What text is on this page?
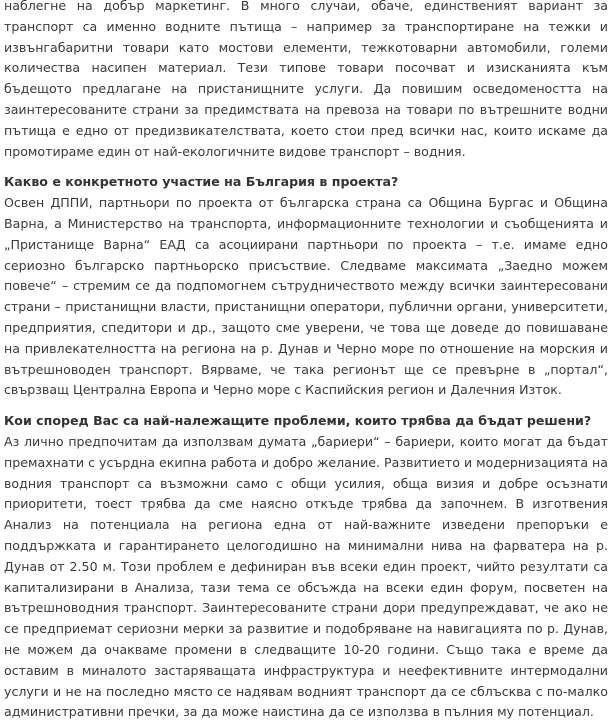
наблегне на добър маркетинг. В много случаи, обаче, единственият вариант за транспорт са именно водните пътища – например за транспортиране на тежки и извънгабаритни товари като мостови елементи, тежкотоварни автомобили, големи количества насипен материал. Тези типове товари посочват и изисканията към бъдещото предлагане на пристанищните услуги. Да повишим осведомеността на заинтересованите страни за предимствата на превоза на товари по вътрешните водни пътища е едно от предизвикателствата, което стои пред всички нас, които искаме да промотираме един от най-екологичните видове транспорт – водния.

Какво е конкретното участие на България в проекта?

Освен ДППИ, партньори по проекта от българска страна са Община Бургас и Община Варна, а Министерство на транспорта, информационните технологии и съобщенията и „Пристанище Варна“ ЕАД са асоциирани партньори по проекта – т.е. имаме едно сериозно българско партньорско присъствие. Следваме максимата „Заедно можем повече“ – стремим се да подпомогнем сътрудничеството между всички заинтересовани страни – пристанищни власти, пристанищни оператори, публични органи, университети, предприятия, спедитори и др., защото сме уверени, че това ще доведе до повишаване на привлекателността на региона на р. Дунав и Черно море по отношение на морския и вътрешноводен транспорт. Вярваме, че така регионът ще се превърне в „портал“, свързващ Централна Европа и Черно море с Каспийския регион и Далечния Изток.

Кои според Вас са най-належащите проблеми, които трябва да бъдат решени?

Аз лично предпочитам да използвам думата „бариери“ – бариери, които могат да бъдат премахнати с усърдна екипна работа и добро желание. Развитието и модернизацията на водния транспорт са възможни само с общи усилия, обща визия и добре осъзнати приоритети, тоест трябва да сме наясно откъде трябва да започнем. В изготвения Анализ на потенциала на региона една от най-важните изведени препоръки е поддържката и гарантирането целогодишно на минимални нива на фарватера на р. Дунав от 2.50 м. Този проблем е дефиниран във всеки един проект, чийто резултати са капитализирани в Анализа, тази тема се обсъжда на всеки един форум, посветен на вътрешноводния транспорт. Заинтересованите страни дори предупреждават, че ако не се предприемат сериозни мерки за развитие и подобряване на навигацията по р. Дунав, не можем да очакваме промени в следващите 10-20 години. Също така е време да оставим в миналото застаряващата инфраструктура и неефективните интермодални услуги и не на последно място се надявам водният транспорт да се сблъсква с по-малко административни пречки, за да може наистина да се използва в пълния му потенциал.
